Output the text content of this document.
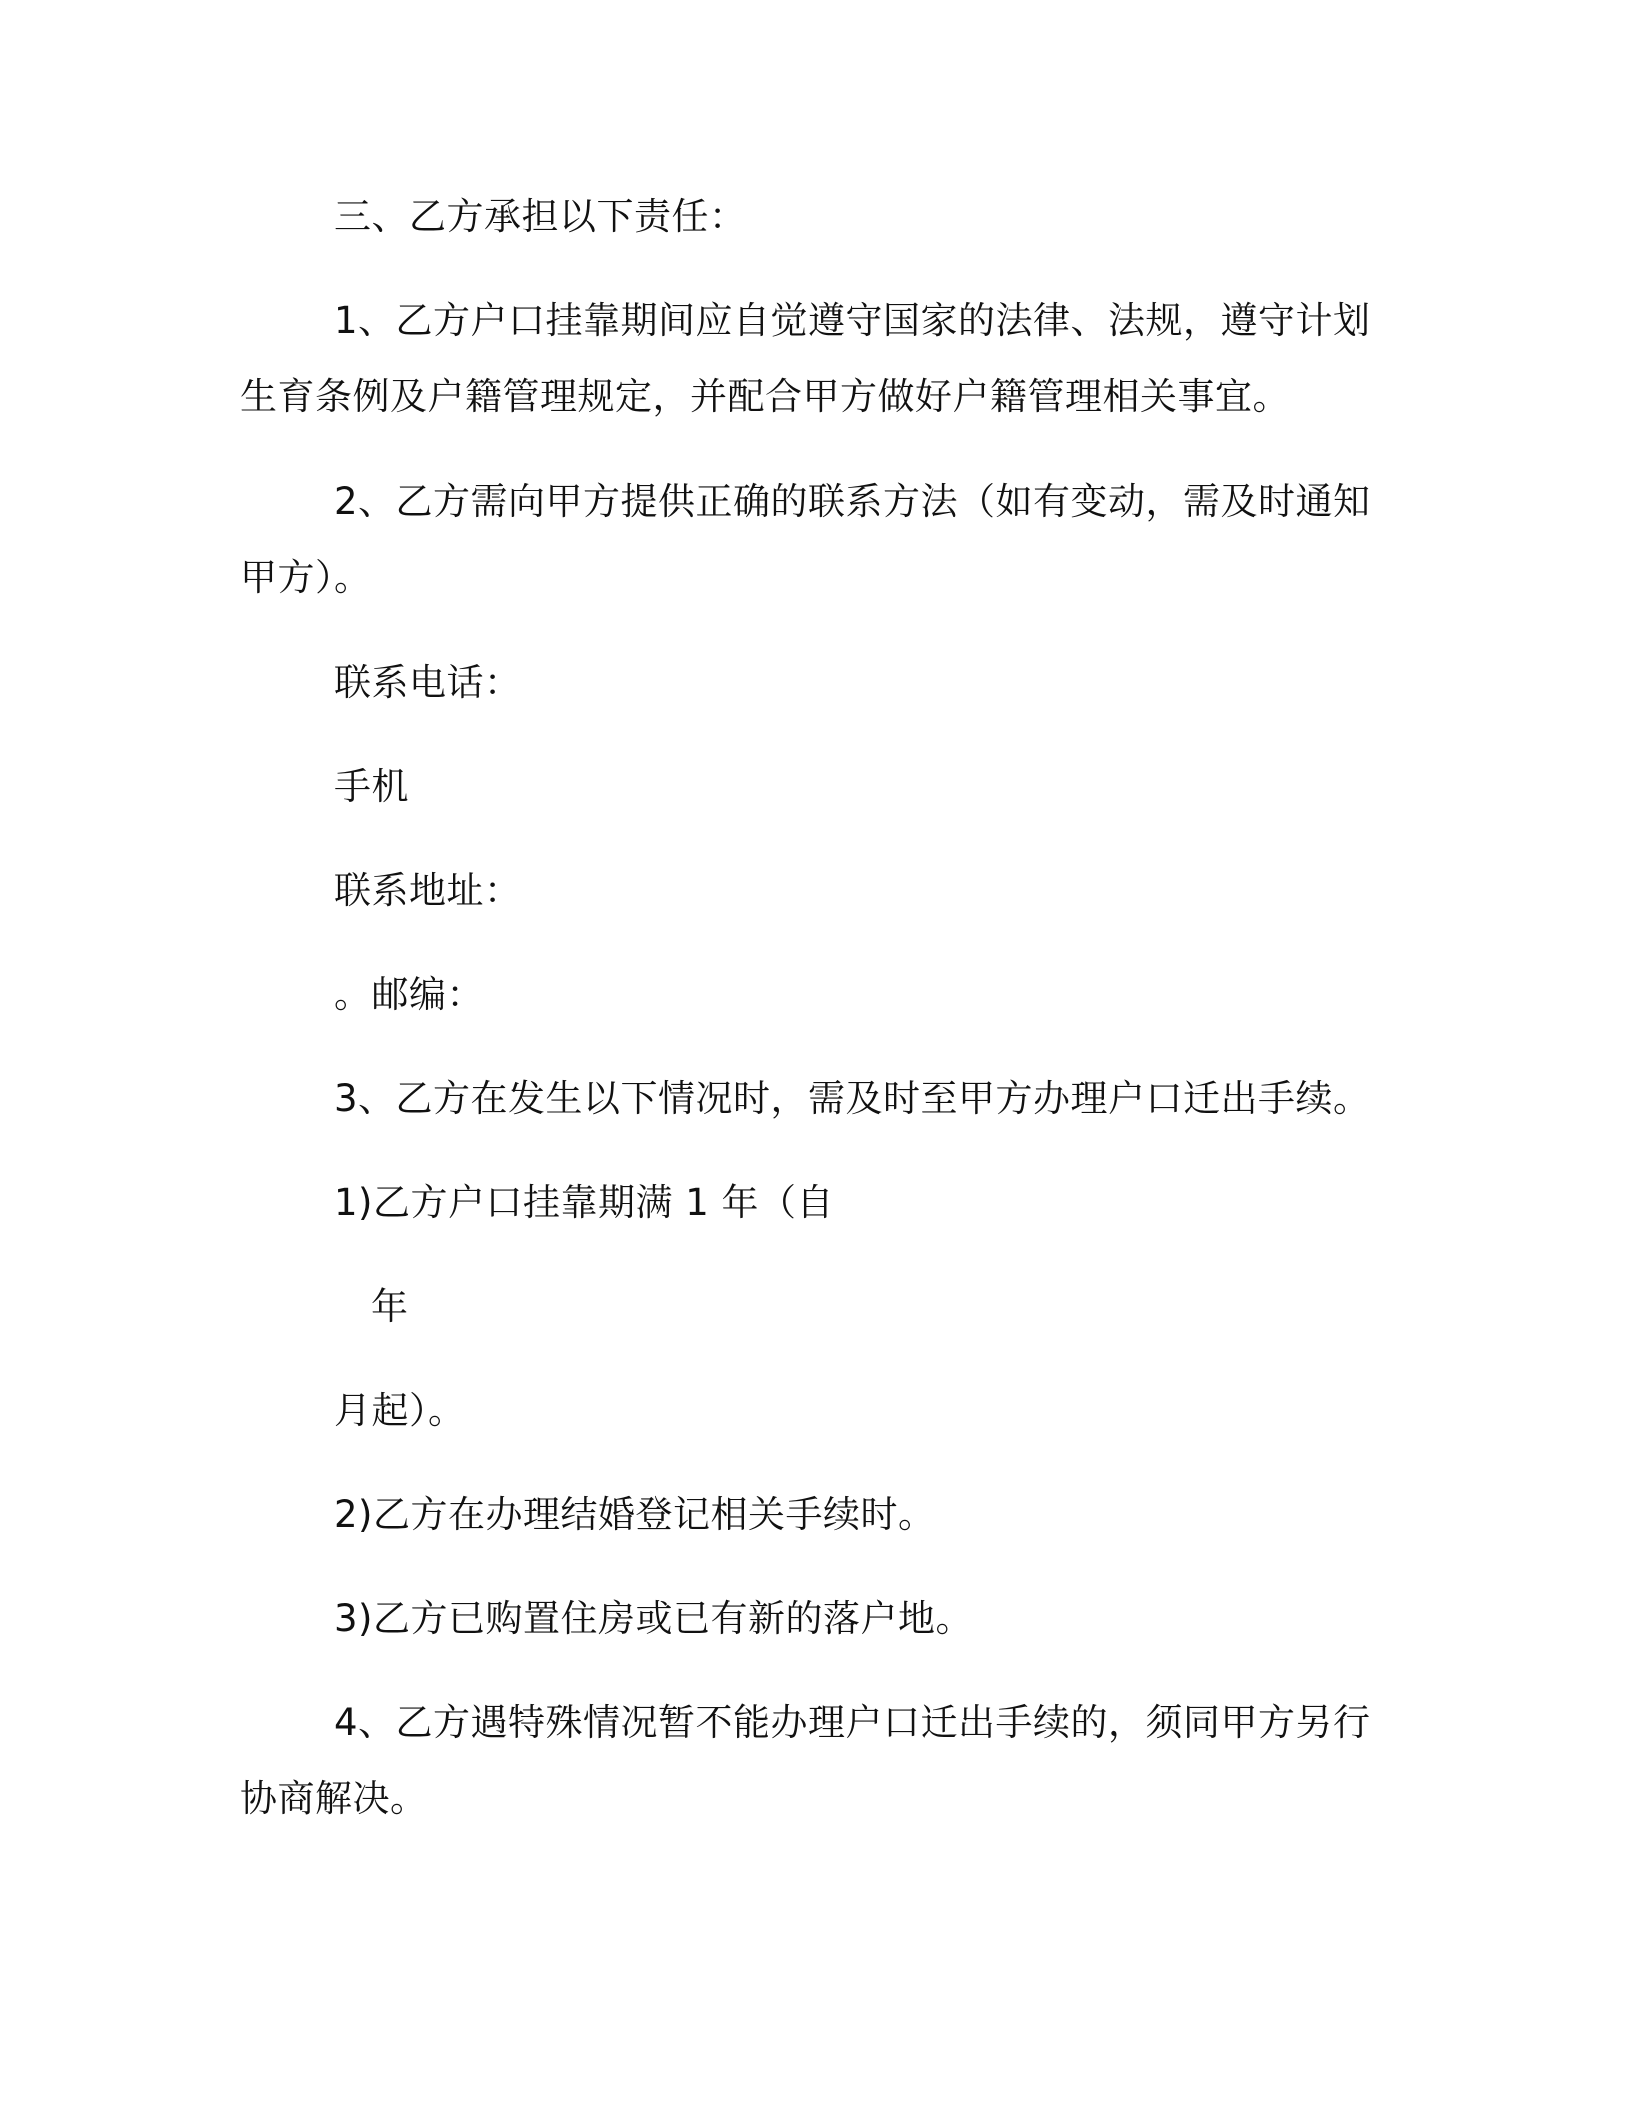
三、乙方承担以下责任：
1、乙方户口挂靠期间应自觉遵守国家的法律、法规，遵守计划
生育条例及户籍管理规定，并配合甲方做好户籍管理相关事宜。
2、乙方需向甲方提供正确的联系方法（如有变动，需及时通知
甲方）。
联系电话：
手机
联系地址：
。邮编：
3、乙方在发生以下情况时，需及时至甲方办理户口迁出手续。
1)乙方户口挂靠期满 1 年（自
年
月起）。
2)乙方在办理结婚登记相关手续时。
3)乙方已购置住房或已有新的落户地。
4、乙方遇特殊情况暂不能办理户口迁出手续的，须同甲方另行
协商解决。
